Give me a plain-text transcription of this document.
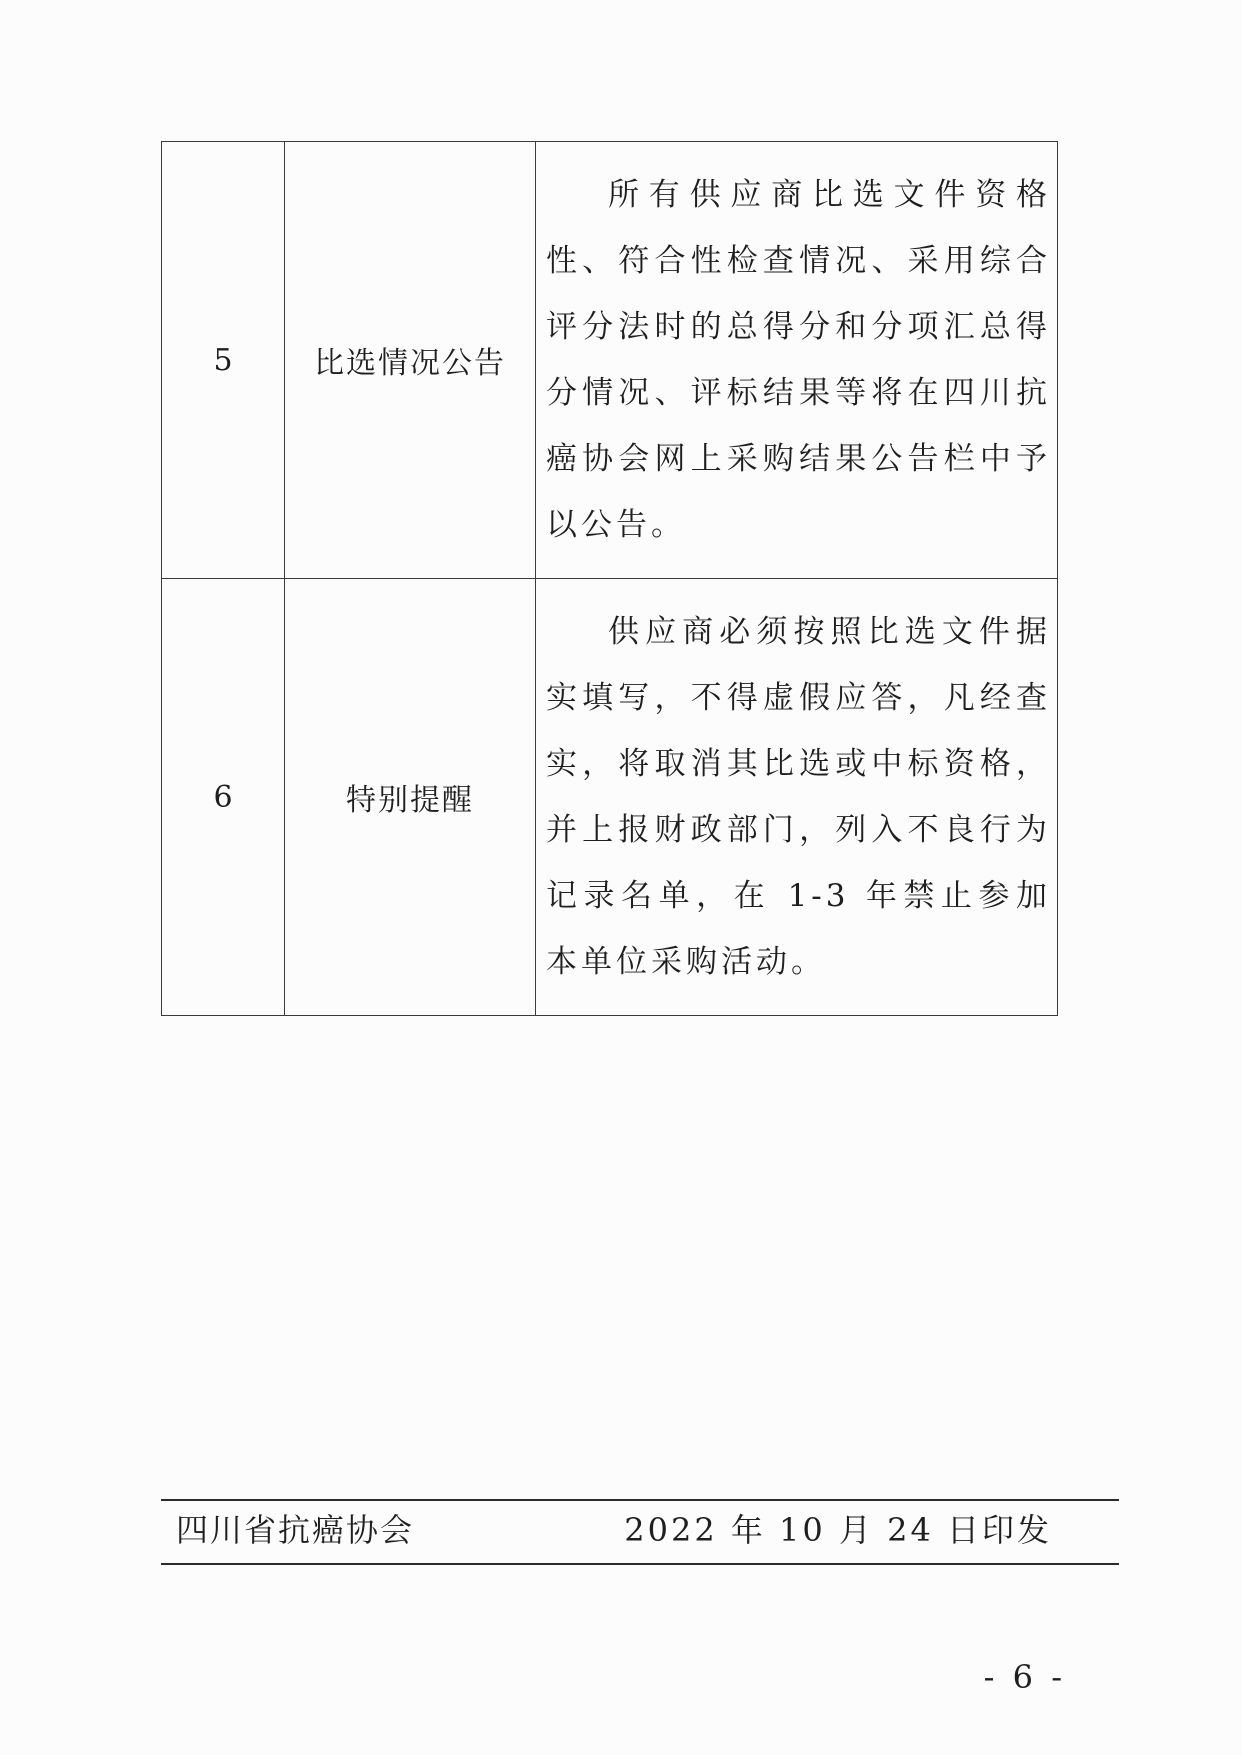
5	比选情况公告	所有供应商比选文件资格性、符合性检查情况、采用综合评分法时的总得分和分项汇总得分情况、评标结果等将在四川抗癌协会网上采购结果公告栏中予以公告。

6	特别提醒	供应商必须按照比选文件据实填写，不得虚假应答，凡经查实，将取消其比选或中标资格，并上报财政部门，列入不良行为记录名单，在 1-3 年禁止参加本单位采购活动。

四川省抗癌协会	2022 年 10 月 24 日印发
- 6 -
